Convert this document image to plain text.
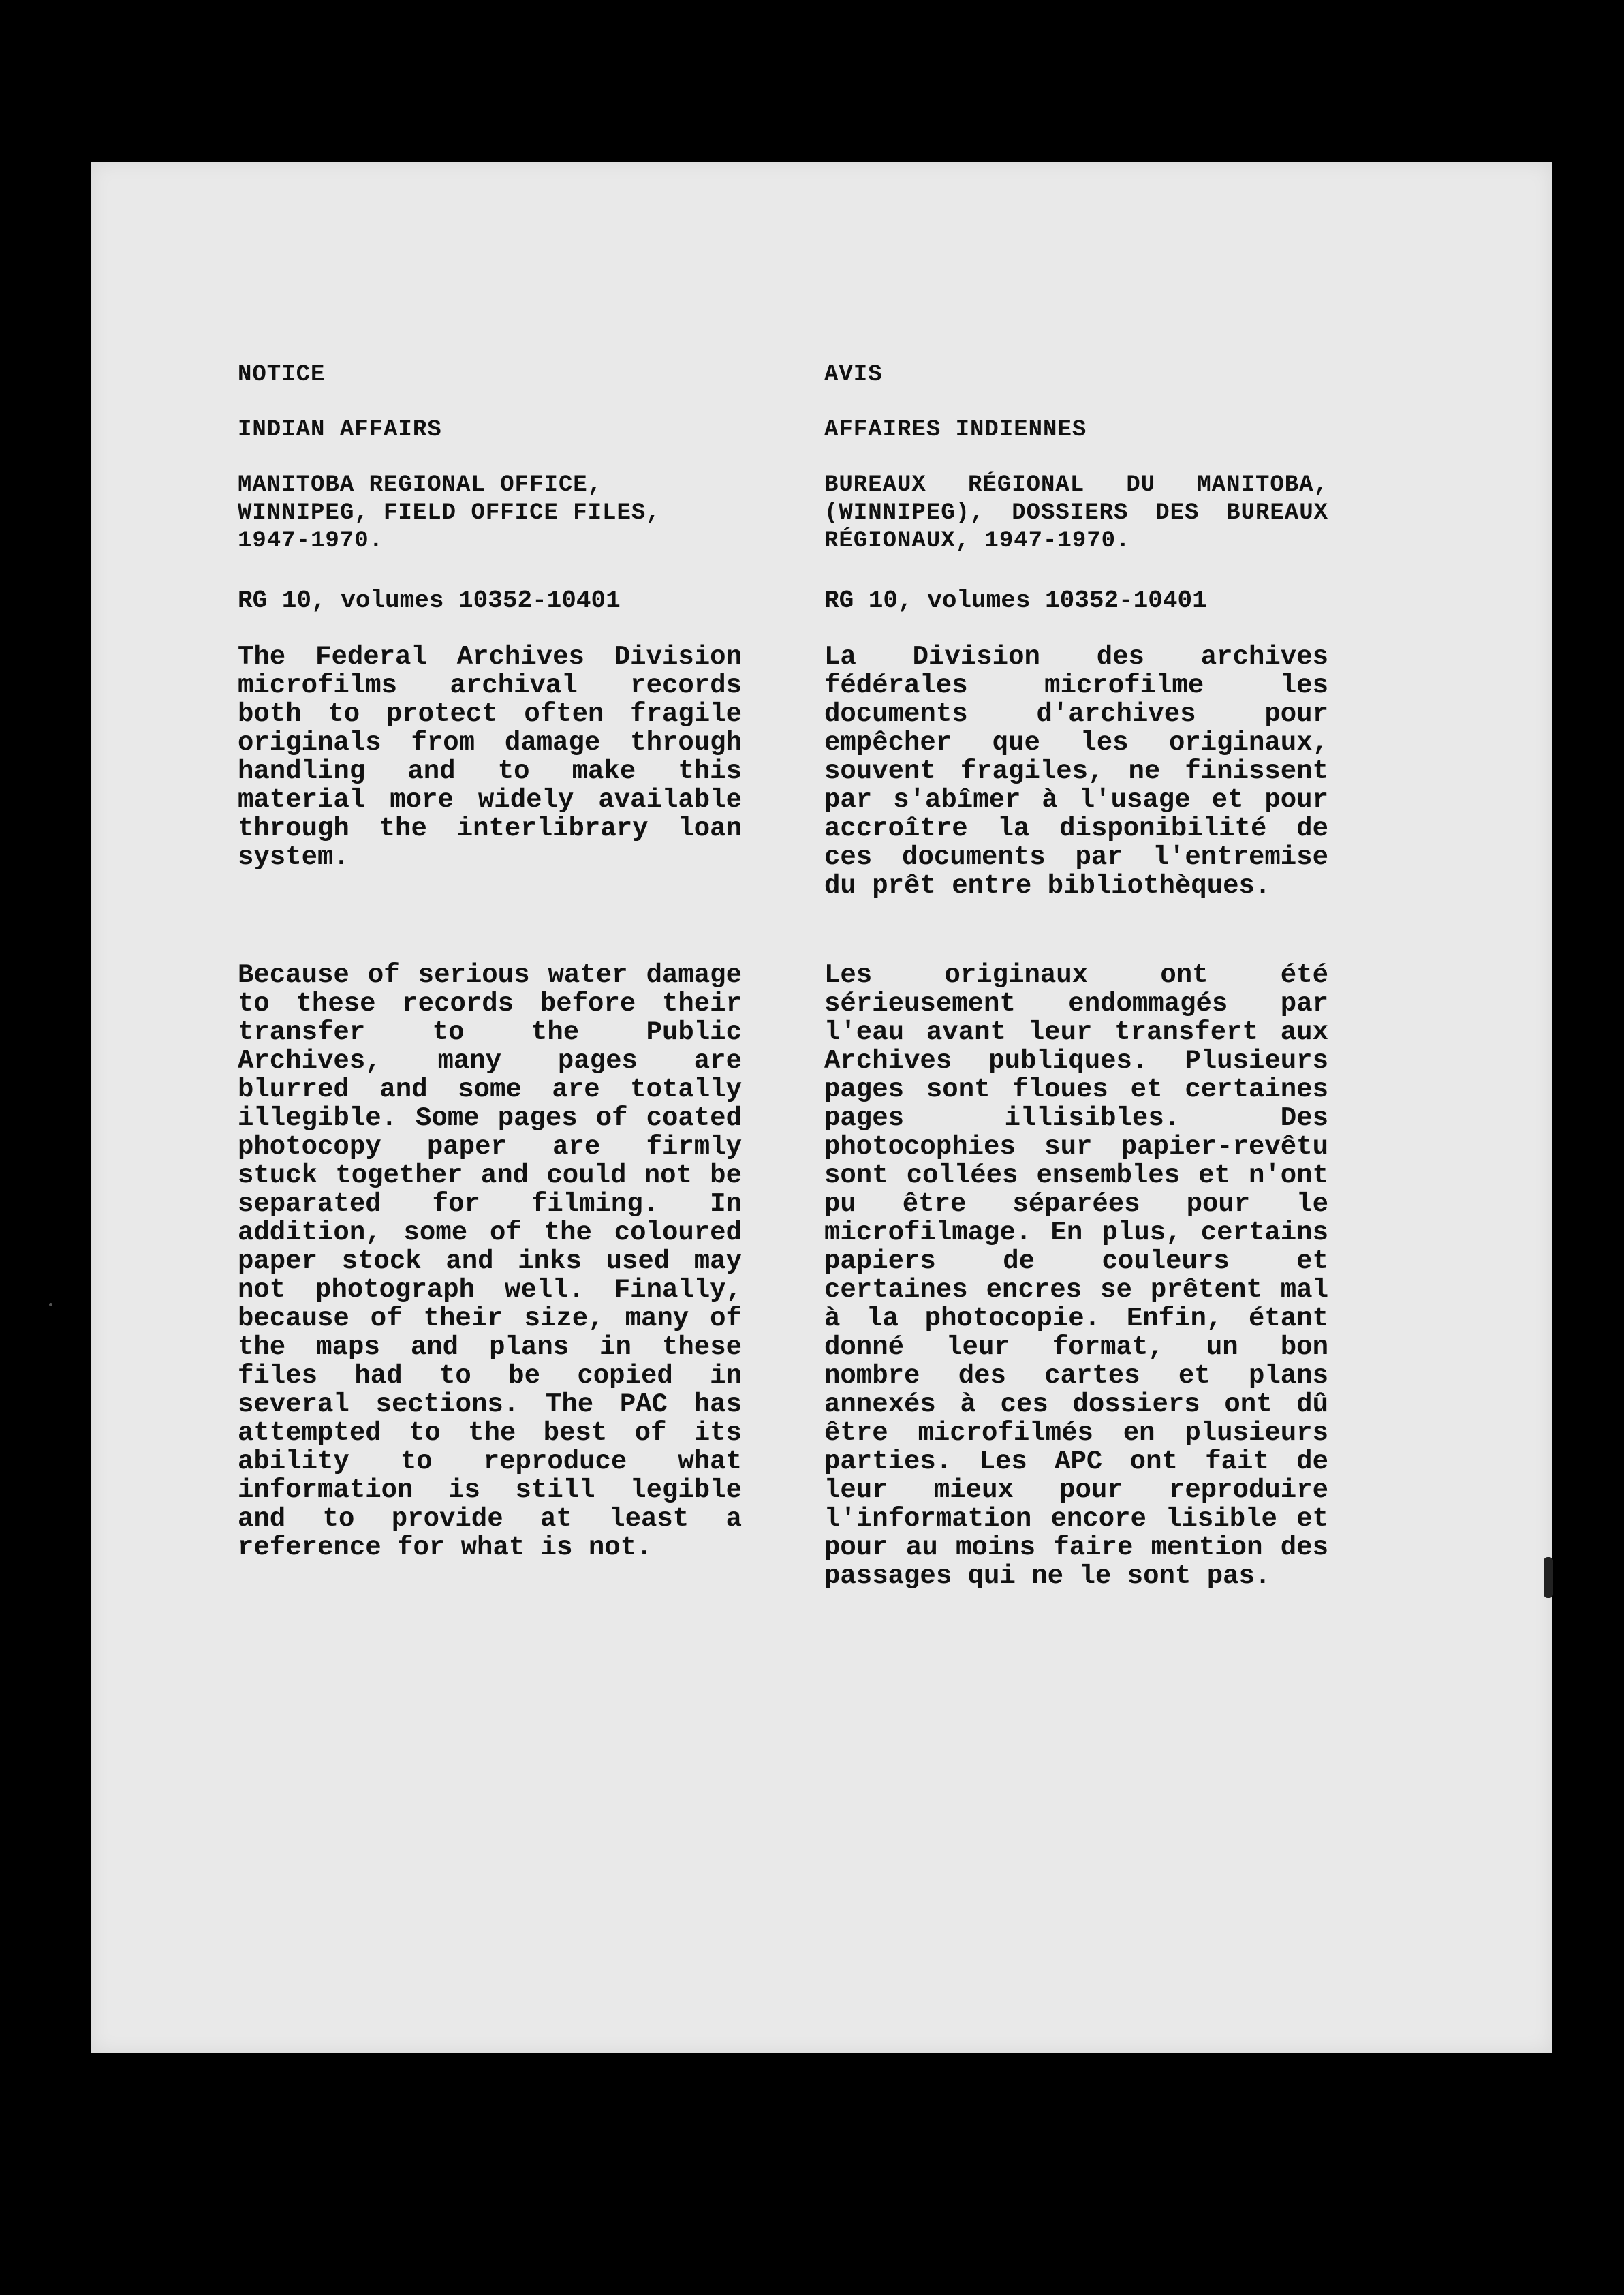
NOTICE

INDIAN AFFAIRS

MANITOBA REGIONAL OFFICE, WINNIPEG, FIELD OFFICE FILES, 1947-1970.

RG 10, volumes 10352-10401

The Federal Archives Division microfilms archival records both to protect often fragile originals from damage through handling and to make this material more widely available through the interlibrary loan system.

Because of serious water damage to these records before their transfer to the Public Archives, many pages are blurred and some are totally illegible. Some pages of coated photocopy paper are firmly stuck together and could not be separated for filming. In addition, some of the coloured paper stock and inks used may not photograph well. Finally, because of their size, many of the maps and plans in these files had to be copied in several sections. The PAC has attempted to the best of its ability to reproduce what information is still legible and to provide at least a reference for what is not.

AVIS

AFFAIRES INDIENNES

BUREAUX RÉGIONAL DU MANITOBA, (WINNIPEG), DOSSIERS DES BUREAUX RÉGIONAUX, 1947-1970.

RG 10, volumes 10352-10401

La Division des archives fédérales microfilme les documents d'archives pour empêcher que les originaux, souvent fragiles, ne finissent par s'abîmer à l'usage et pour accroître la disponibilité de ces documents par l'entremise du prêt entre bibliothèques.

Les originaux ont été sérieusement endommagés par l'eau avant leur transfert aux Archives publiques. Plusieurs pages sont floues et certaines pages illisibles. Des photocophies sur papier-revêtu sont collées ensembles et n'ont pu être séparées pour le microfilmage. En plus, certains papiers de couleurs et certaines encres se prêtent mal à la photocopie. Enfin, étant donné leur format, un bon nombre des cartes et plans annexés à ces dossiers ont dû être microfilmés en plusieurs parties. Les APC ont fait de leur mieux pour reproduire l'information encore lisible et pour au moins faire mention des passages qui ne le sont pas.
